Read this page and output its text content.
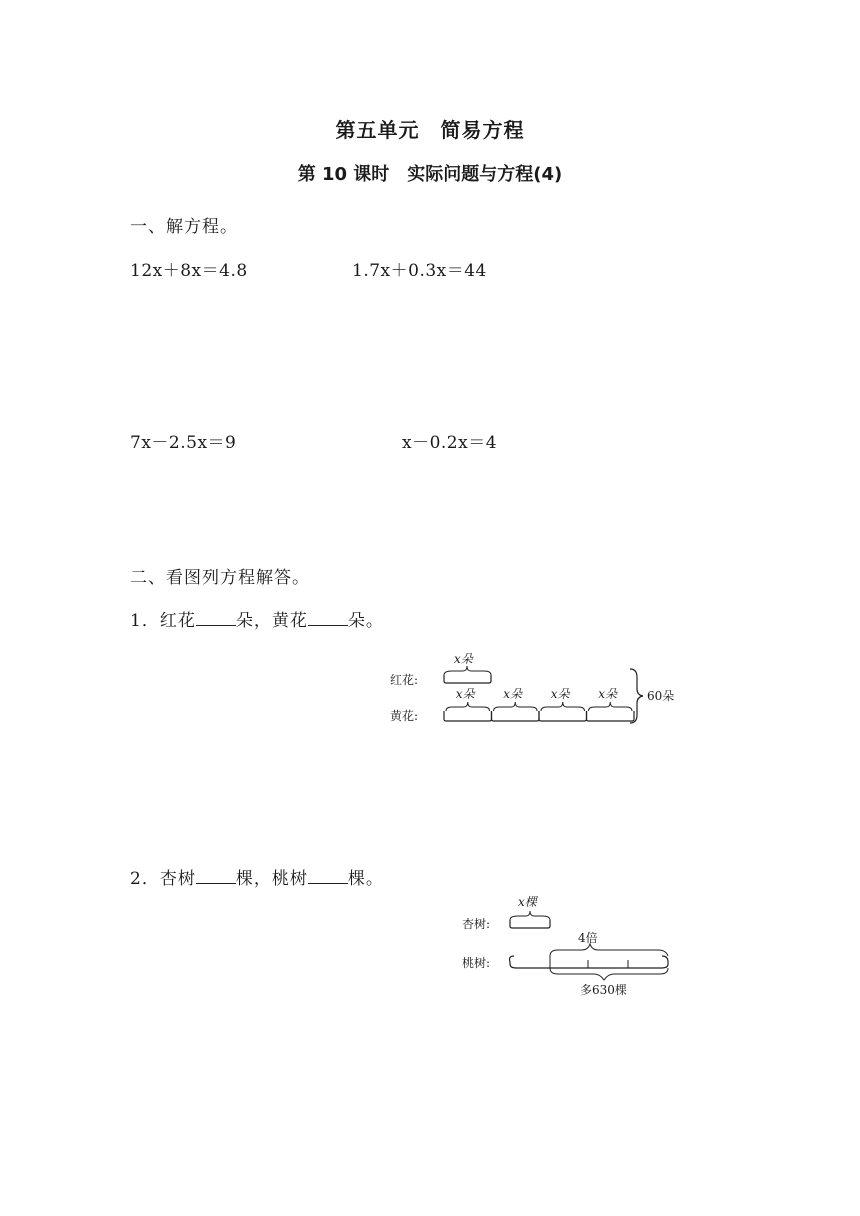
第五单元　简易方程
第 10 课时　实际问题与方程(4)
一、解方程。
12x＋8x＝4.8	1.7x＋0.3x＝44
7x－2.5x＝9	x－0.2x＝4
二、看图列方程解答。
1．红花 朵，黄花 朵。
红花:
黄花:
x朵
x朵 x朵 x朵 x朵 60朵
2．杏树 棵，桃树 棵。
杏树:
桃树:
x棵
4倍
多630棵
